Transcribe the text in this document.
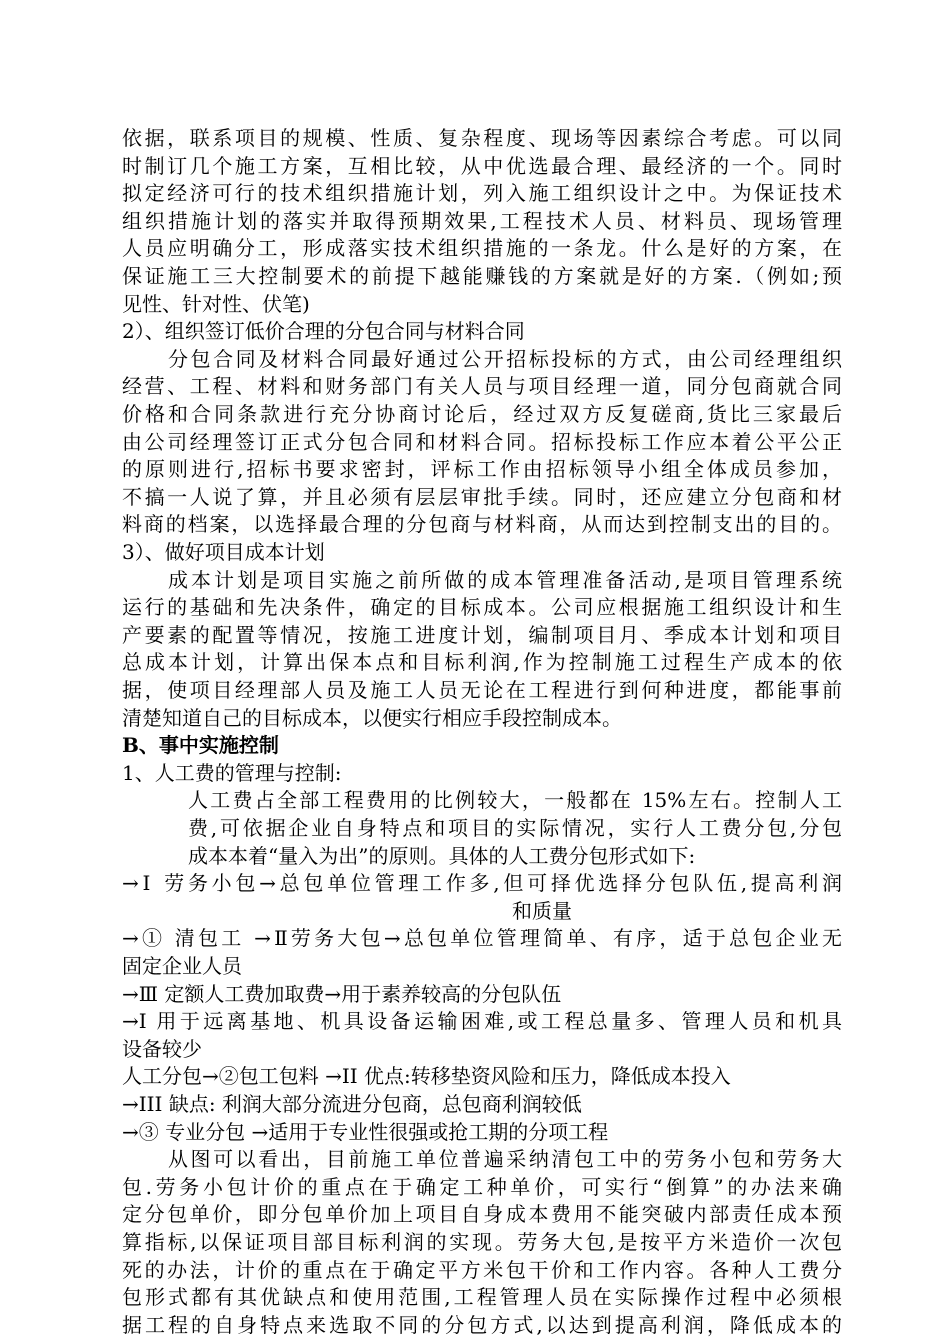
依据，联系项目的规模、性质、复杂程度、现场等因素综合考虑。可以同
时制订几个施工方案，互相比较，从中优选最合理、最经济的一个。同时
拟定经济可行的技术组织措施计划，列入施工组织设计之中。为保证技术
组织措施计划的落实并取得预期效果,工程技术人员、材料员、现场管理
人员应明确分工，形成落实技术组织措施的一条龙。什么是好的方案，在
保证施工三大控制要术的前提下越能赚钱的方案就是好的方案.（例如;预
见性、针对性、伏笔)
2）、组织签订低价合理的分包合同与材料合同
分包合同及材料合同最好通过公开招标投标的方式，由公司经理组织
经营、工程、材料和财务部门有关人员与项目经理一道，同分包商就合同
价格和合同条款进行充分协商讨论后，经过双方反复磋商,货比三家最后
由公司经理签订正式分包合同和材料合同。招标投标工作应本着公平公正
的原则进行,招标书要求密封，评标工作由招标领导小组全体成员参加，
不搞一人说了算，并且必须有层层审批手续。同时，还应建立分包商和材
料商的档案，以选择最合理的分包商与材料商，从而达到控制支出的目的。
3）、做好项目成本计划
成本计划是项目实施之前所做的成本管理准备活动,是项目管理系统
运行的基础和先决条件，确定的目标成本。公司应根据施工组织设计和生
产要素的配置等情况，按施工进度计划，编制项目月、季成本计划和项目
总成本计划，计算出保本点和目标利润,作为控制施工过程生产成本的依
据，使项目经理部人员及施工人员无论在工程进行到何种进度，都能事前
清楚知道自己的目标成本，以便实行相应手段控制成本。
B、事中实施控制
1、人工费的管理与控制:
人工费占全部工程费用的比例较大，一般都在 15%左右。控制人工
费,可依据企业自身特点和项目的实际情况，实行人工费分包,分包
成本本着“量入为出”的原则。具体的人工费分包形式如下:
→Ⅰ 劳务小包→总包单位管理工作多,但可择优选择分包队伍,提高利润
和质量
→① 清包工 →Ⅱ劳务大包→总包单位管理简单、有序，适于总包企业无
固定企业人员
→Ⅲ 定额人工费加取费→用于素养较高的分包队伍
→I 用于远离基地、机具设备运输困难,或工程总量多、管理人员和机具
设备较少
人工分包→②包工包料 →II 优点:转移垫资风险和压力，降低成本投入
→III 缺点: 利润大部分流进分包商，总包商利润较低
→③ 专业分包 →适用于专业性很强或抢工期的分项工程
从图可以看出，目前施工单位普遍采纳清包工中的劳务小包和劳务大
包.劳务小包计价的重点在于确定工种单价，可实行“倒算”的办法来确
定分包单价，即分包单价加上项目自身成本费用不能突破内部责任成本预
算指标,以保证项目部目标利润的实现。劳务大包,是按平方米造价一次包
死的办法，计价的重点在于确定平方米包干价和工作内容。各种人工费分
包形式都有其优缺点和使用范围,工程管理人员在实际操作过程中必须根
据工程的自身特点来选取不同的分包方式,以达到提高利润，降低成本的
